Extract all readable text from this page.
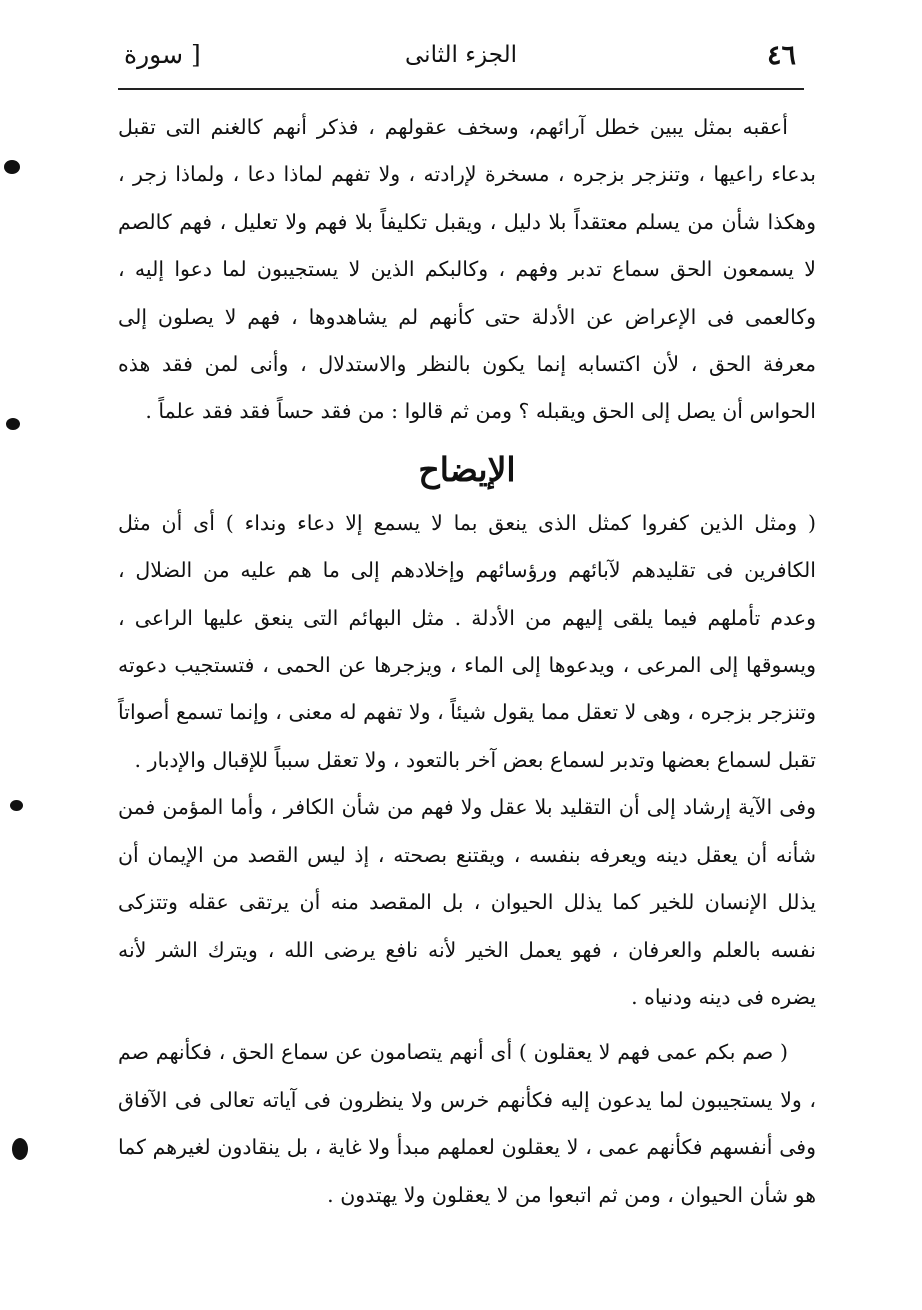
٤٦
الجزء الثانى
[ سورة

أعقبه بمثل يبين خطل آرائهم، وسخف عقولهم ، فذكر أنهم كالغنم التى تقبل بدعاء راعيها ، وتنزجر بزجره ، مسخرة لإرادته ، ولا تفهم لماذا دعا ، ولماذا زجر ، وهكذا شأن من يسلم معتقداً بلا دليل ، ويقبل تكليفاً بلا فهم ولا تعليل ، فهم كالصم لا يسمعون الحق سماع تدبر وفهم ، وكالبكم الذين لا يستجيبون لما دعوا إليه ، وكالعمى فى الإعراض عن الأدلة حتى كأنهم لم يشاهدوها ، فهم لا يصلون إلى معرفة الحق ، لأن اكتسابه إنما يكون بالنظر والاستدلال ، وأنى لمن فقد هذه الحواس أن يصل إلى الحق ويقبله ؟ ومن ثم قالوا : من فقد حساً فقد فقد علماً .

الإيضاح

( ومثل الذين كفروا كمثل الذى ينعق بما لا يسمع إلا دعاء ونداء ) أى أن مثل الكافرين فى تقليدهم لآبائهم ورؤسائهم وإخلادهم إلى ما هم عليه من الضلال ، وعدم تأملهم فيما يلقى إليهم من الأدلة . مثل البهائم التى ينعق عليها الراعى ، ويسوقها إلى المرعى ، ويدعوها إلى الماء ، ويزجرها عن الحمى ، فتستجيب دعوته وتنزجر بزجره ، وهى لا تعقل مما يقول شيئاً ، ولا تفهم له معنى ، وإنما تسمع أصواتاً تقبل لسماع بعضها وتدبر لسماع بعض آخر بالتعود ، ولا تعقل سبباً للإقبال والإدبار .

وفى الآية إرشاد إلى أن التقليد بلا عقل ولا فهم من شأن الكافر ، وأما المؤمن فمن شأنه أن يعقل دينه ويعرفه بنفسه ، ويقتنع بصحته ، إذ ليس القصد من الإيمان أن يذلل الإنسان للخير كما يذلل الحيوان ، بل المقصد منه أن يرتقى عقله وتتزكى نفسه بالعلم والعرفان ، فهو يعمل الخير لأنه نافع يرضى الله ، ويترك الشر لأنه يضره فى دينه ودنياه .

( صم بكم عمى فهم لا يعقلون ) أى أنهم يتصامون عن سماع الحق ، فكأنهم صم ، ولا يستجيبون لما يدعون إليه فكأنهم خرس ولا ينظرون فى آياته تعالى فى الآفاق وفى أنفسهم فكأنهم عمى ، لا يعقلون لعملهم مبدأ ولا غاية ، بل ينقادون لغيرهم كما هو شأن الحيوان ، ومن ثم اتبعوا من لا يعقلون ولا يهتدون .
